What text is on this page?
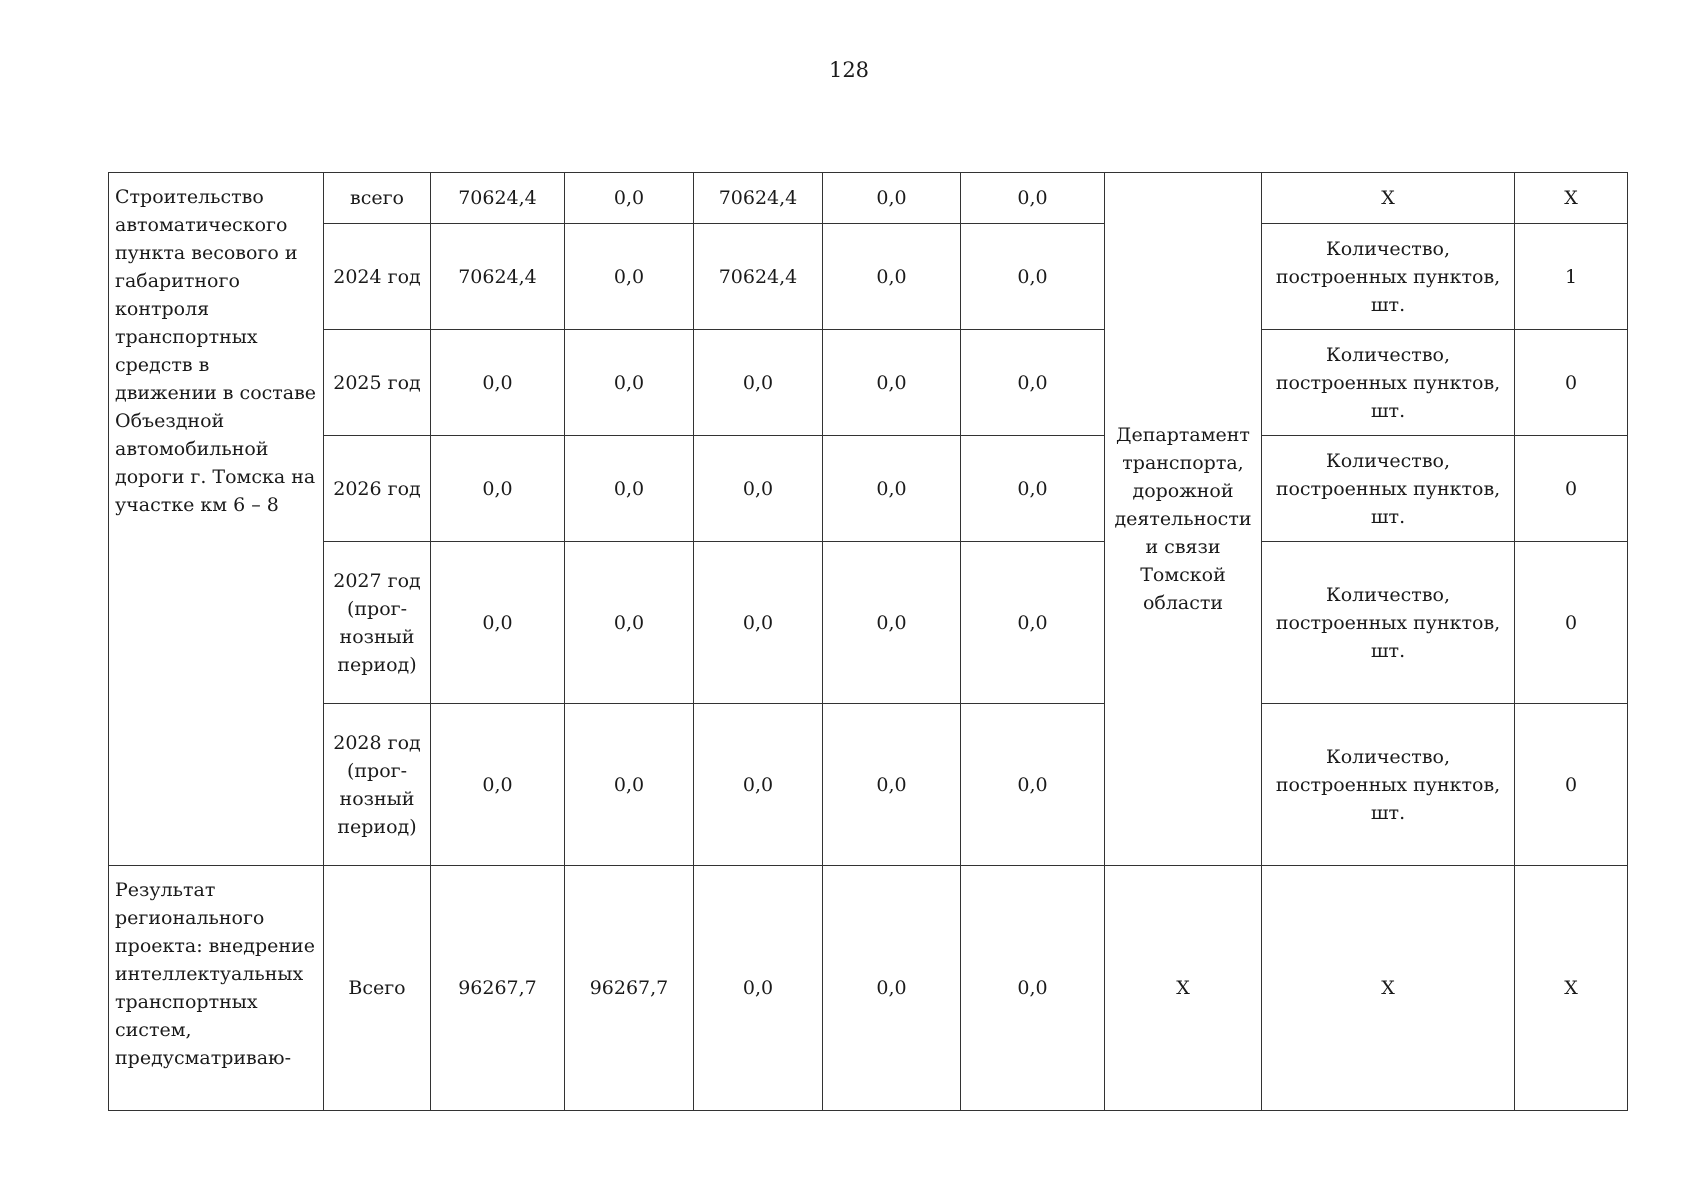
128
Строительство автоматического пункта весового и габаритного контроля транспортных средств в движении в составе Объездной автомобильной дороги г. Томска на участке км 6 – 8	всего	70624,4	0,0	70624,4	0,0	0,0	Департамент транспорта, дорожной деятельности и связи Томской области	Х	Х
	2024 год	70624,4	0,0	70624,4	0,0	0,0		Количество, построенных пунктов, шт.	1
	2025 год	0,0	0,0	0,0	0,0	0,0		Количество, построенных пунктов, шт.	0
	2026 год	0,0	0,0	0,0	0,0	0,0		Количество, построенных пунктов, шт.	0
	2027 год (прог-нозный период)	0,0	0,0	0,0	0,0	0,0		Количество, построенных пунктов, шт.	0
	2028 год (прог-нозный период)	0,0	0,0	0,0	0,0	0,0		Количество, построенных пунктов, шт.	0
Результат регионального проекта: внедрение интеллектуальных транспортных систем, предусматриваю-	Всего	96267,7	96267,7	0,0	0,0	0,0	Х	Х	Х
